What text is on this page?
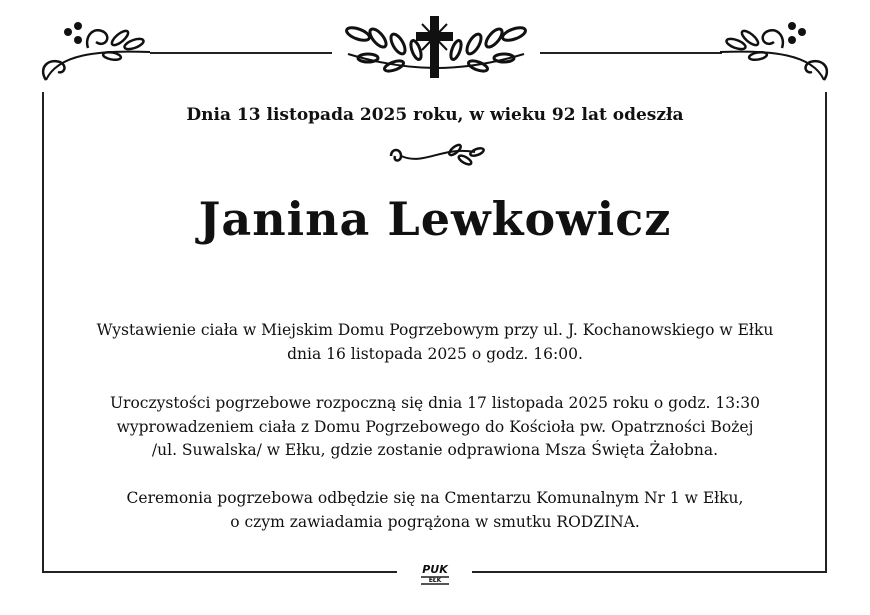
Dnia 13 listopada 2025 roku, w wieku 92 lat odeszła
Janina Lewkowicz
Wystawienie ciała w Miejskim Domu Pogrzebowym przy ul. J. Kochanowskiego w Ełku
dnia 16 listopada 2025 o godz. 16:00.
Uroczystości pogrzebowe rozpoczną się dnia 17 listopada 2025 roku o godz. 13:30
wyprowadzeniem ciała z Domu Pogrzebowego do Kościoła pw. Opatrzności Bożej
/ul. Suwalska/ w Ełku, gdzie zostanie odprawiona Msza Święta Żałobna.
Ceremonia pogrzebowa odbędzie się na Cmentarzu Komunalnym Nr 1 w Ełku,
o czym zawiadamia pogrążona w smutku RODZINA.
PUK
EŁK
